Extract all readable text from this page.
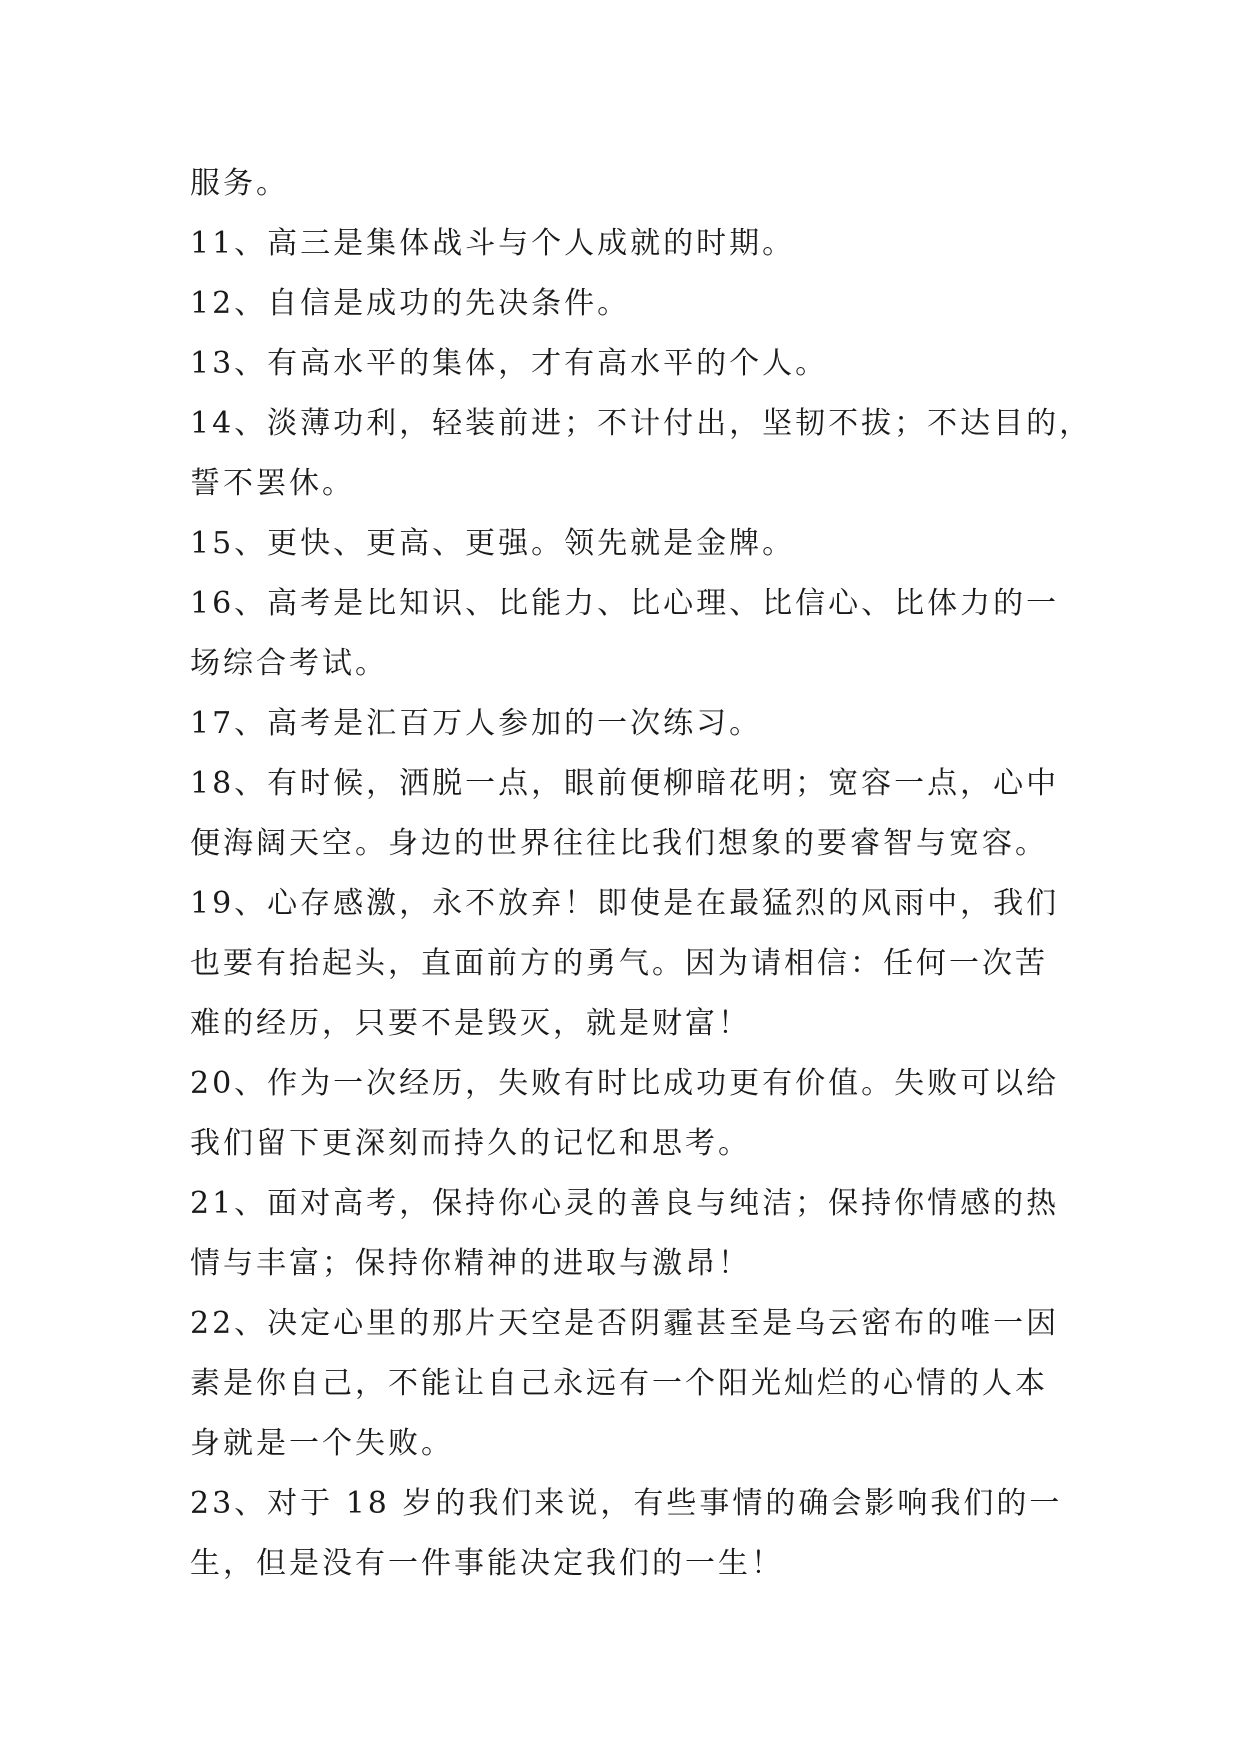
服务。
11、高三是集体战斗与个人成就的时期。
12、自信是成功的先决条件。
13、有高水平的集体，才有高水平的个人。
14、淡薄功利，轻装前进；不计付出，坚韧不拔；不达目的，
誓不罢休。
15、更快、更高、更强。领先就是金牌。
16、高考是比知识、比能力、比心理、比信心、比体力的一
场综合考试。
17、高考是汇百万人参加的一次练习。
18、有时候，洒脱一点，眼前便柳暗花明；宽容一点，心中
便海阔天空。身边的世界往往比我们想象的要睿智与宽容。
19、心存感激，永不放弃！即使是在最猛烈的风雨中，我们
也要有抬起头，直面前方的勇气。因为请相信：任何一次苦
难的经历，只要不是毁灭，就是财富！
20、作为一次经历，失败有时比成功更有价值。失败可以给
我们留下更深刻而持久的记忆和思考。
21、面对高考，保持你心灵的善良与纯洁；保持你情感的热
情与丰富；保持你精神的进取与激昂！
22、决定心里的那片天空是否阴霾甚至是乌云密布的唯一因
素是你自己，不能让自己永远有一个阳光灿烂的心情的人本
身就是一个失败。
23、对于 18 岁的我们来说，有些事情的确会影响我们的一
生，但是没有一件事能决定我们的一生！
